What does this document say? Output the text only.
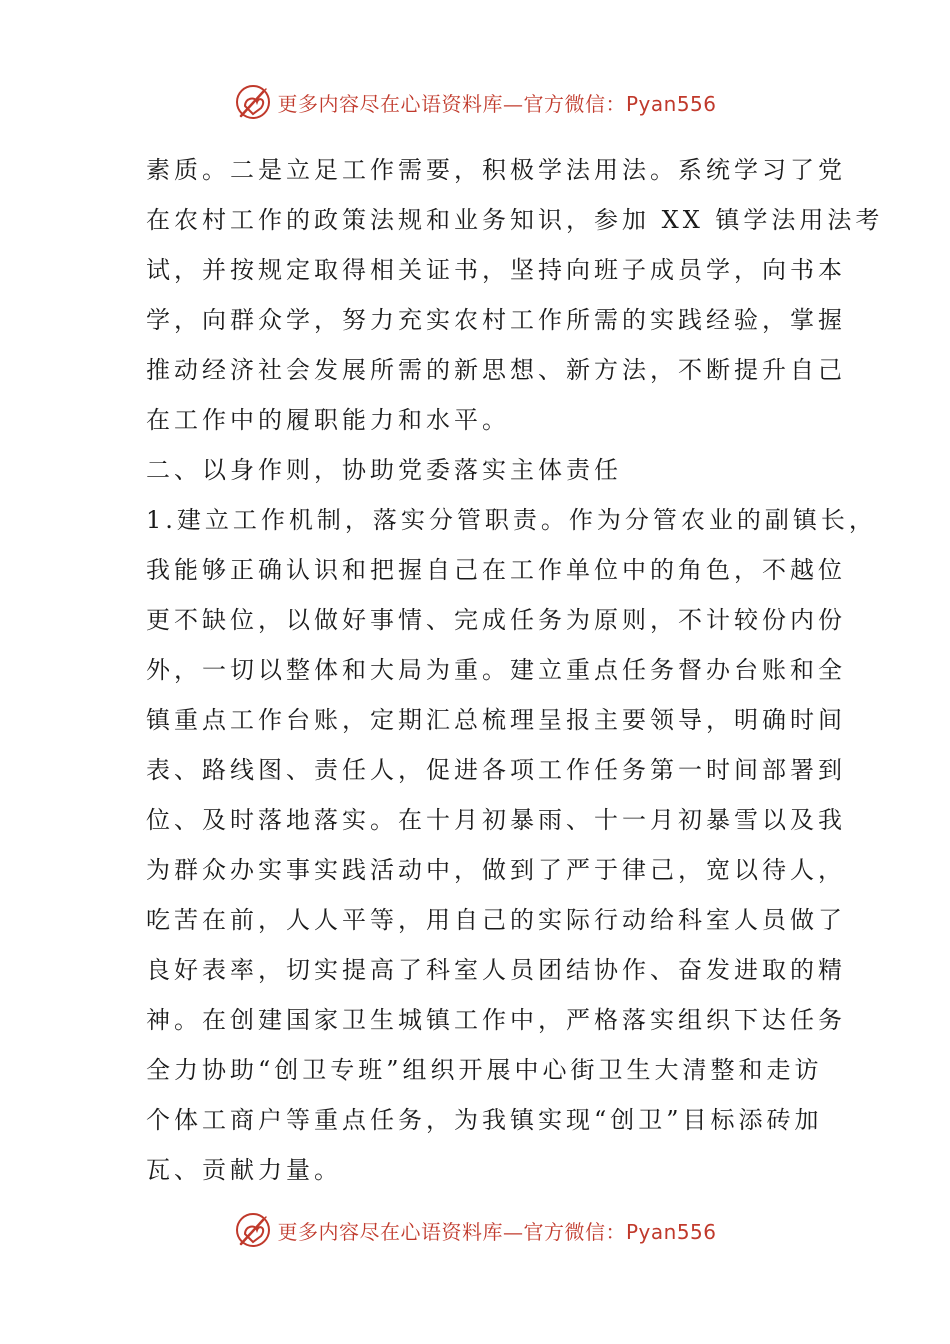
更多内容尽在心语资料库—官方微信：Pyan556
素质。二是立足工作需要，积极学法用法。系统学习了党
在农村工作的政策法规和业务知识，参加 XX 镇学法用法考
试，并按规定取得相关证书，坚持向班子成员学，向书本
学，向群众学，努力充实农村工作所需的实践经验，掌握
推动经济社会发展所需的新思想、新方法，不断提升自己
在工作中的履职能力和水平。
二、以身作则，协助党委落实主体责任
1.建立工作机制，落实分管职责。作为分管农业的副镇长，
我能够正确认识和把握自己在工作单位中的角色，不越位
更不缺位，以做好事情、完成任务为原则，不计较份内份
外，一切以整体和大局为重。建立重点任务督办台账和全
镇重点工作台账，定期汇总梳理呈报主要领导，明确时间
表、路线图、责任人，促进各项工作任务第一时间部署到
位、及时落地落实。在十月初暴雨、十一月初暴雪以及我
为群众办实事实践活动中，做到了严于律己，宽以待人，
吃苦在前，人人平等，用自己的实际行动给科室人员做了
良好表率，切实提高了科室人员团结协作、奋发进取的精
神。在创建国家卫生城镇工作中，严格落实组织下达任务
全力协助“创卫专班”组织开展中心街卫生大清整和走访
个体工商户等重点任务，为我镇实现“创卫”目标添砖加
瓦、贡献力量。
更多内容尽在心语资料库—官方微信：Pyan556
